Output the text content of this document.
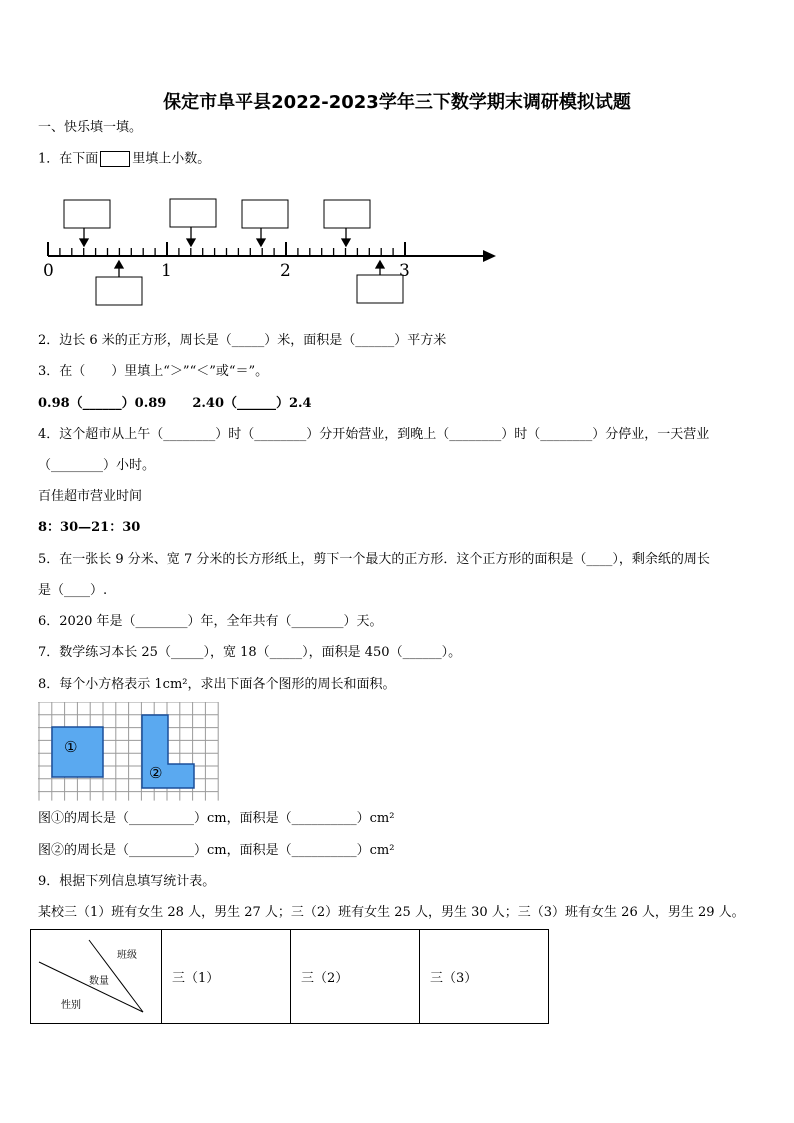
保定市阜平县2022-2023学年三下数学期末调研模拟试题
一、快乐填一填。
1．在下面	里填上小数。
0	1	2	3
2．边长 6 米的正方形，周长是（_____）米，面积是（______）平方米
3．在（　　）里填上“＞”“＜”或“＝”。
0.98（______）0.89　　2.40（______）2.4
4．这个超市从上午（________）时（________）分开始营业，到晚上（________）时（________）分停业，一天营业
（________）小时。
百佳超市营业时间
8：30—21：30
5．在一张长 9 分米、宽 7 分米的长方形纸上，剪下一个最大的正方形．这个正方形的面积是（____），剩余纸的周长
是（____）.
6．2020 年是（________）年，全年共有（________）天。
7．数学练习本长 25（_____），宽 18（_____），面积是 450（______）。
8．每个小方格表示 1cm²，求出下面各个图形的周长和面积。
①
②
图①的周长是（__________）cm，面积是（__________）cm²
图②的周长是（__________）cm，面积是（__________）cm²
9．根据下列信息填写统计表。
某校三（1）班有女生 28 人，男生 27 人；三（2）班有女生 25 人，男生 30 人；三（3）班有女生 26 人，男生 29 人。
班级
数量
性别
	三（1）	三（2）	三（3）
